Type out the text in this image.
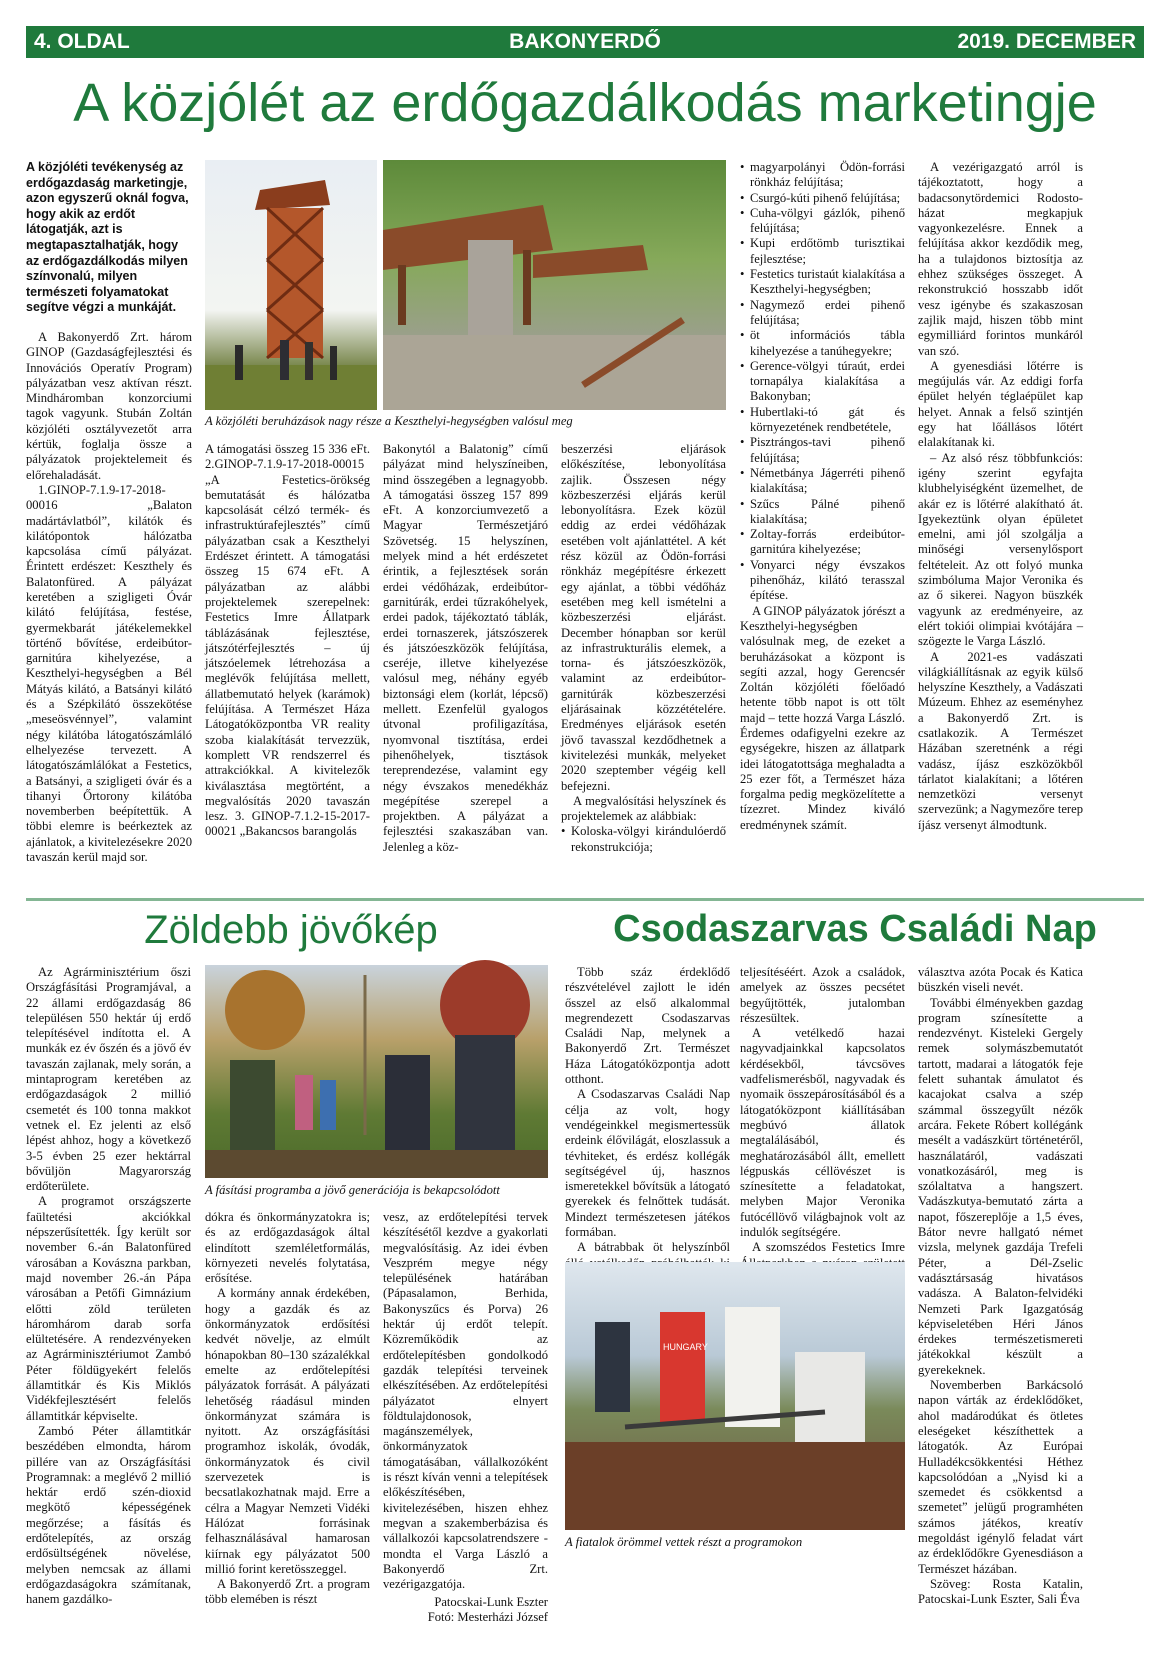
4. OLDAL	BAKONYERDŐ	2019. DECEMBER
A közjólét az erdőgazdálkodás marketingje

A közjóléti tevékenység az erdőgazdaság marketingje, azon egyszerű oknál fogva, hogy akik az erdőt látogatják, azt is megtapasztalhatják, hogy az erdőgazdálkodás milyen színvonalú, milyen természeti folyamatokat segítve végzi a munkáját.

A Bakonyerdő Zrt. három GINOP (Gazdaságfejlesztési és Innovációs Operatív Program) pályázatban vesz aktívan részt. Mindháromban konzorciumi tagok vagyunk. Stubán Zoltán közjóléti osztályvezetőt arra kértük, foglalja össze a pályázatok projektelemeit és előrehaladását.

1.GINOP-7.1.9-17-2018-00016 „Balaton madártávlatból”, kilátók és kilátópontok hálózatba kapcsolása című pályázat. Érintett erdészet: Keszthely és Balatonfüred. A pályázat keretében a szigligeti Óvár kilátó felújítása, festése, gyermekbarát játékelemekkel történő bővítése, erdeibútor-garnitúra kihelyezése, a Keszthelyi-hegységben a Bél Mátyás kilátó, a Batsányi kilátó és a Szépkilátó összekötése „meseösvénnyel”, valamint négy kilátóba látogatószámláló elhelyezése tervezett. A látogatószámlálókat a Festetics, a Batsányi, a szigligeti óvár és a tihanyi Őrtorony kilátóba novemberben beépítettük. A többi elemre is beérkeztek az ajánlatok, a kivitelezésekre 2020 tavaszán kerül majd sor.

A közjóléti beruházások nagy része a Keszthelyi-hegységben valósul meg

A támogatási összeg 15 336 eFt. 2.GINOP-7.1.9-17-2018-00015 „A Festetics-örökség bemutatását és hálózatba kapcsolását célzó termék- és infrastruktúrafejlesztés” című pályázatban csak a Keszthelyi Erdészet érintett. A támogatási összeg 15 674 eFt. A pályázatban az alábbi projektelemek szerepelnek: Festetics Imre Állatpark táblázásának fejlesztése, játszótérfejlesztés – új játszóelemek létrehozása a meglévők felújítása mellett, állatbemutató helyek (karámok) felújítása. A Természet Háza Látogatóközpontba VR reality szoba kialakítását tervezzük, komplett VR rendszerrel és attrakciókkal. A kivitelezők kiválasztása megtörtént, a megvalósítás 2020 tavaszán lesz. 3. GINOP-7.1.2-15-2017-00021 „Bakancsos barangolás

Bakonytól a Balatonig” című pályázat mind helyszíneiben, mind összegében a legnagyobb. A támogatási összeg 157 899 eFt. A konzorciumvezető a Magyar Természetjáró Szövetség. 15 helyszínen, melyek mind a hét erdészetet érintik, a fejlesztések során erdei védőházak, erdeibútor-garnitúrák, erdei tűzrakóhelyek, erdei padok, tájékoztató táblák, erdei tornaszerek, játszószerek és játszóeszközök felújítása, cseréje, illetve kihelyezése valósul meg, néhány egyéb biztonsági elem (korlát, lépcső) mellett. Ezenfelül gyalogos útvonal profiligazítása, nyomvonal tisztítása, erdei pihenőhelyek, tisztások tereprendezése, valamint egy négy évszakos menedékház megépítése szerepel a projektben. A pályázat a fejlesztési szakaszában van. Jelenleg a köz-

beszerzési eljárások előkészítése, lebonyolítása zajlik. Összesen négy közbeszerzési eljárás kerül lebonyolításra. Ezek közül eddig az erdei védőházak esetében volt ajánlattétel. A két rész közül az Ödön-forrási rönkház megépítésre érkezett egy ajánlat, a többi védőház esetében meg kell ismételni a közbeszerzési eljárást. December hónapban sor kerül az infrastrukturális elemek, a torna- és játszóeszközök, valamint az erdeibútor-garnitúrák közbeszerzési eljárásainak közzétételére. Eredményes eljárások esetén jövő tavasszal kezdődhetnek a kivitelezési munkák, melyeket 2020 szeptember végéig kell befejezni.

A megvalósítási helyszínek és projektelemek az alábbiak:

• Koloska-völgyi kirándulóerdő rekonstrukciója;
• magyarpolányi Ödön-forrási rönkház felújítása;
• Csurgó-kúti pihenő felújítása;
• Cuha-völgyi gázlók, pihenő felújítása;
• Kupi erdőtömb turisztikai fejlesztése;
• Festetics turistaút kialakítása a Keszthelyi-hegységben;
• Nagymező erdei pihenő felújítása;
• öt információs tábla kihelyezése a tanúhegyekre;
• Gerence-völgyi túraút, erdei tornapálya kialakítása a Bakonyban;
• Hubertlaki-tó gát és környezetének rendbetétele,
• Pisztrángos-tavi pihenő felújítása;
• Németbánya Jágerréti pihenő kialakítása;
• Szűcs Pálné pihenő kialakítása;
• Zoltay-forrás erdeibútor-garnitúra kihelyezése;
• Vonyarci négy évszakos pihenőház, kilátó terasszal építése.

A GINOP pályázatok jórészt a Keszthelyi-hegységben valósulnak meg, de ezeket a beruházásokat a központ is segíti azzal, hogy Gerencsér Zoltán közjóléti főelőadó hetente több napot is ott tölt majd – tette hozzá Varga László. Érdemes odafigyelni ezekre az egységekre, hiszen az állatpark idei látogatottsága meghaladta a 25 ezer főt, a Természet háza forgalma pedig megközelítette a tízezret. Mindez kiváló eredménynek számít.

A vezérigazgató arról is tájékoztatott, hogy a badacsonytördemici Rodosto-házat megkapjuk vagyonkezelésre. Ennek a felújítása akkor kezdődik meg, ha a tulajdonos biztosítja az ehhez szükséges összeget. A rekonstrukció hosszabb időt vesz igénybe és szakaszosan zajlik majd, hiszen több mint egymilliárd forintos munkáról van szó.

A gyenesdiási lőtérre is megújulás vár. Az eddigi forfa épület helyén téglaépület kap helyet. Annak a felső szintjén egy hat lőállásos lőtért elalakítanak ki.

– Az alsó rész többfunkciós: igény szerint egyfajta klubhelyiségként üzemelhet, de akár ez is lőtérré alakítható át. Igyekeztünk olyan épületet emelni, ami jól szolgálja a minőségi versenylősport feltételeit. Az ott folyó munka szimbóluma Major Veronika és az ő sikerei. Nagyon büszkék vagyunk az eredményeire, az elért tokiói olimpiai kvótájára – szögezte le Varga László.

A 2021-es vadászati világkiállításnak az egyik külső helyszíne Keszthely, a Vadászati Múzeum. Ehhez az eseményhez a Bakonyerdő Zrt. is csatlakozik. A Természet Házában szeretnénk a régi vadász, íjász eszközökből tárlatot kialakítani; a lőtéren nemzetközi versenyt szervezünk; a Nagymezőre terep íjász versenyt álmodtunk.

Zöldebb jövőkép

Az Agrárminisztérium őszi Országfásítási Programjával, a 22 állami erdőgazdaság 86 településen 550 hektár új erdő telepítésével indította el. A munkák ez év őszén és a jövő év tavaszán zajlanak, mely során, a mintaprogram keretében az erdőgazdaságok 2 millió csemetét és 100 tonna makkot vetnek el. Ez jelenti az első lépést ahhoz, hogy a következő 3-5 évben 25 ezer hektárral bővüljön Magyarország erdőterülete.

A programot országszerte faültetési akciókkal népszerűsítették. Így került sor november 6.-án Balatonfüred városában a Kovászna parkban, majd november 26.-án Pápa városában a Petőfi Gimnázium előtti zöld területen háromhárom darab sorfa elültetésére. A rendezvényeken az Agrárminisztériumot Zambó Péter földügyekért felelős államtitkár és Kis Miklós Vidékfejlesztésért felelős államtitkár képviselte.

Zambó Péter államtitkár beszédében elmondta, három pillére van az Országfásítási Programnak: a meglévő 2 millió hektár erdő szén-dioxid megkötő képességének megőrzése; a fásítás és erdőtelepítés, az ország erdősültségének növelése, melyben nemcsak az állami erdőgazdaságokra számítanak, hanem gazdálko-

A fásítási programba a jövő generációja is bekapcsolódott

dókra és önkormányzatokra is; és az erdőgazdaságok által elindított szemléletformálás, környezeti nevelés folytatása, erősítése.

A kormány annak érdekében, hogy a gazdák és az önkormányzatok erdősítési kedvét növelje, az elmúlt hónapokban 80–130 százalékkal emelte az erdőtelepítési pályázatok forrását. A pályázati lehetőség ráadásul minden önkormányzat számára is nyitott. Az országfásítási programhoz iskolák, óvodák, önkormányzatok és civil szervezetek is becsatlakozhatnak majd. Erre a célra a Magyar Nemzeti Vidéki Hálózat forrásinak felhasználásával hamarosan kiírnak egy pályázatot 500 millió forint keretösszeggel.

A Bakonyerdő Zrt. a program több elemében is részt

vesz, az erdőtelepítési tervek készítésétől kezdve a gyakorlati megvalósításig. Az idei évben Veszprém megye négy településének határában (Pápasalamon, Berhida, Bakonyszűcs és Porva) 26 hektár új erdőt telepít. Közreműködik az erdőtelepítésben gondolkodó gazdák telepítési terveinek elkészítésében. Az erdőtelepítési pályázatot elnyert földtulajdonosok, magánszemélyek, önkormányzatok támogatásában, vállalkozóként is részt kíván venni a telepítések előkészítésében, kivitelezésében, hiszen ehhez megvan a szakemberbázisa és vállalkozói kapcsolatrendszere - mondta el Varga László a Bakonyerdő Zrt. vezérigazgatója.

Patocskai-Lunk Eszter
Fotó: Mesterházi József
Csodaszarvas Családi Nap

Több száz érdeklődő részvételével zajlott le idén ősszel az első alkalommal megrendezett Csodaszarvas Családi Nap, melynek a Bakonyerdő Zrt. Természet Háza Látogatóközpontja adott otthont.

A Csodaszarvas Családi Nap célja az volt, hogy vendégeinkkel megismertessük erdeink élővilágát, eloszlassuk a tévhiteket, és erdész kollégák segítségével új, hasznos ismeretekkel bővítsük a látogató gyerekek és felnőttek tudását. Mindezt természetesen játékos formában.

A bátrabbak öt helyszínből

teljesítéséért. Azok a családok, amelyek az összes pecsétet begyűjtötték, jutalomban részesültek.

A vetélkedő hazai nagyvadjainkkal kapcsolatos kérdésekből, távcsöves vadfelismerésből, nagyvadak és nyomaik összepárosításából és a látogatóközpont kiállításában megbúvó állatok megtalálásából, és meghatározásából állt, emellett légpuskás céllövészet is színesítette a feladatokat, melyben Major Veronika futócéllövő világbajnok volt az indulók segítségére.

A szomszédos Festetics Imre

HUNGARY
A fiatalok örömmel vettek részt a programokon

választva azóta Pocak és Katica büszkén viseli nevét.

További élményekben gazdag program színesítette a rendezvényt. Kisteleki Gergely remek solymászbemutatót tartott, madarai a látogatók feje felett suhantak ámulatot és kacajokat csalva a szép számmal összegyűlt nézők arcára. Fekete Róbert kollégánk mesélt a vadászkürt történetéről, használatáról, vadászati vonatkozásáról, meg is szólaltatva a hangszert. Vadászkutya-bemutató zárta a napot, főszereplője a 1,5 éves, Bátor nevre hallgató német vizsla, melynek gazdája Trefeli Péter, a Dél-Zselic vadásztársaság hivatásos vadásza. A Balaton-felvidéki Nemzeti Park Igazgatóság képviseletében Héri János érdekes természetismereti játékokkal készült a gyerekeknek.

Novemberben Barkácsoló napon várták az érdeklődőket, ahol madárodúkat és ötletes eleségeket készíthettek a látogatók. Az Európai Hulladékcsökkentési Héthez kapcsolódóan a „Nyisd ki a szemedet és csökkentsd a szemetet” jelügű programhéten számos játékos, kreatív megoldást igénylő feladat várt az érdeklődőkre Gyenesdiáson a Természet házában.

Szöveg: Rosta Katalin, Patocskai-Lunk Eszter, Sali Éva
